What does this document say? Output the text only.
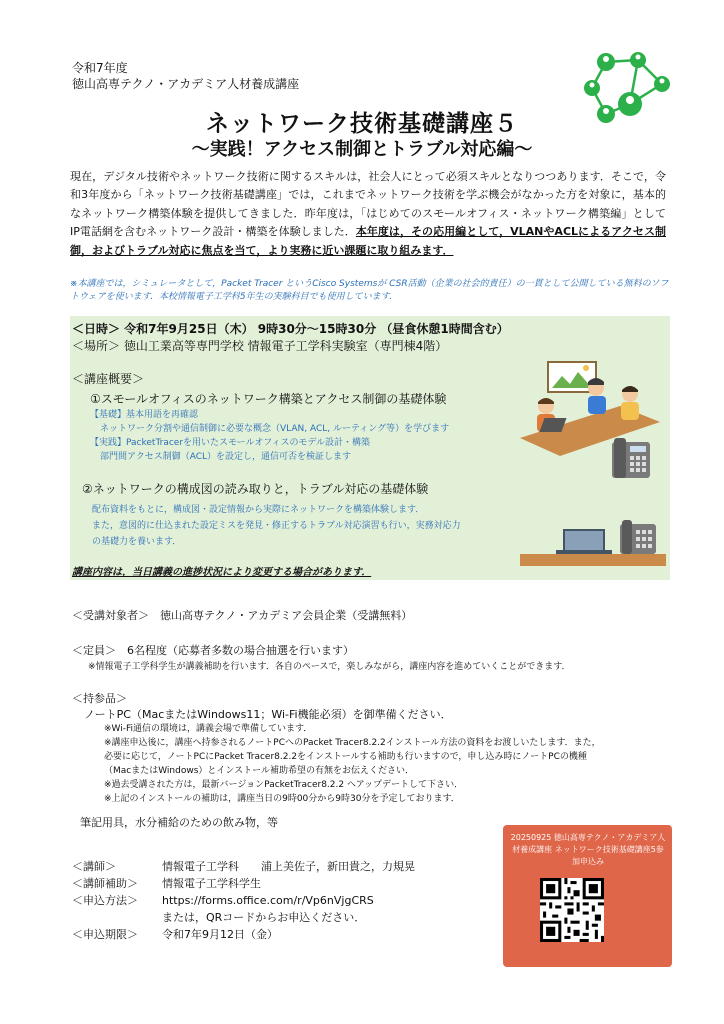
令和7年度
徳山高専テクノ・アカデミア人材養成講座
ネットワーク技術基礎講座５
～実践！アクセス制御とトラブル対応編～
現在，デジタル技術やネットワーク技術に関するスキルは，社会人にとって必須スキルとなりつつあります．そこで，令和3年度から「ネットワーク技術基礎講座」では，これまでネットワーク技術を学ぶ機会がなかった方を対象に，基本的なネットワーク構築体験を提供してきました．昨年度は，「はじめてのスモールオフィス・ネットワーク構築編」としてIP電話網を含むネットワーク設計・構築を体験しました．本年度は，その応用編として，VLANやACLによるアクセス制御，およびトラブル対応に焦点を当て，より実務に近い課題に取り組みます．
※本講座では，シミュレータとして，Packet Tracer というCisco Systemsが CSR活動（企業の社会的責任）の一貫として公開している無料のソフトウェアを使います．本校情報電子工学科5年生の実験科目でも使用しています．
＜日時＞ 令和7年9月25日（木） 9時30分～15時30分 （昼食休憩1時間含む）
＜場所＞ 徳山工業高等専門学校 情報電子工学科実験室（専門棟4階）
＜講座概要＞
①スモールオフィスのネットワーク構築とアクセス制御の基礎体験
【基礎】基本用語を再確認
ネットワーク分割や通信制御に必要な概念（VLAN, ACL, ルーティング等）を学びます
【実践】PacketTracerを用いたスモールオフィスのモデル設計・構築
部門間アクセス制御（ACL）を設定し，通信可否を検証します
②ネットワークの構成図の読み取りと，トラブル対応の基礎体験
配布資料をもとに，構成図・設定情報から実際にネットワークを構築体験します．
また，意図的に仕込まれた設定ミスを発見・修正するトラブル対応演習も行い，実務対応力
の基礎力を養います．
講座内容は，当日講義の進捗状況により変更する場合があります．
＜受講対象者＞　徳山高専テクノ・アカデミア会員企業（受講無料）
＜定員＞　6名程度（応募者多数の場合抽選を行います）
※情報電子工学科学生が講義補助を行います．各自のペースで，楽しみながら，講座内容を進めていくことができます．
＜持参品＞
ノートPC（MacまたはWindows11；Wi-Fi機能必須）を御準備ください．
※Wi-Fi通信の環境は，講義会場で準備しています．
※講座申込後に，講座へ持参されるノートPCへのPacket Tracer8.2.2インストール方法の資料をお渡しいたします．また，
必要に応じて，ノートPCにPacket Tracer8.2.2をインストールする補助も行いますので，申し込み時にノートPCの機種
（MacまたはWindows）とインストール補助希望の有無をお伝えください．
※過去受講された方は，最新バージョンPacketTracer8.2.2 へアップデートして下さい．
※上記のインストールの補助は，講座当日の9時00分から9時30分を予定しております．
筆記用具，水分補給のための飲み物，等
＜講師＞	情報電子工学科　　浦上美佐子，新田貴之，力規晃
＜講師補助＞ 情報電子工学科学生
＜申込方法＞ https://forms.office.com/r/Vp6nVjgCRS
または，QRコードからお申込ください．
＜申込期限＞ 令和7年9月12日（金）
20250925 徳山高専テクノ・アカデミア人材養成講座 ネットワーク技術基礎講座5参加申込み
